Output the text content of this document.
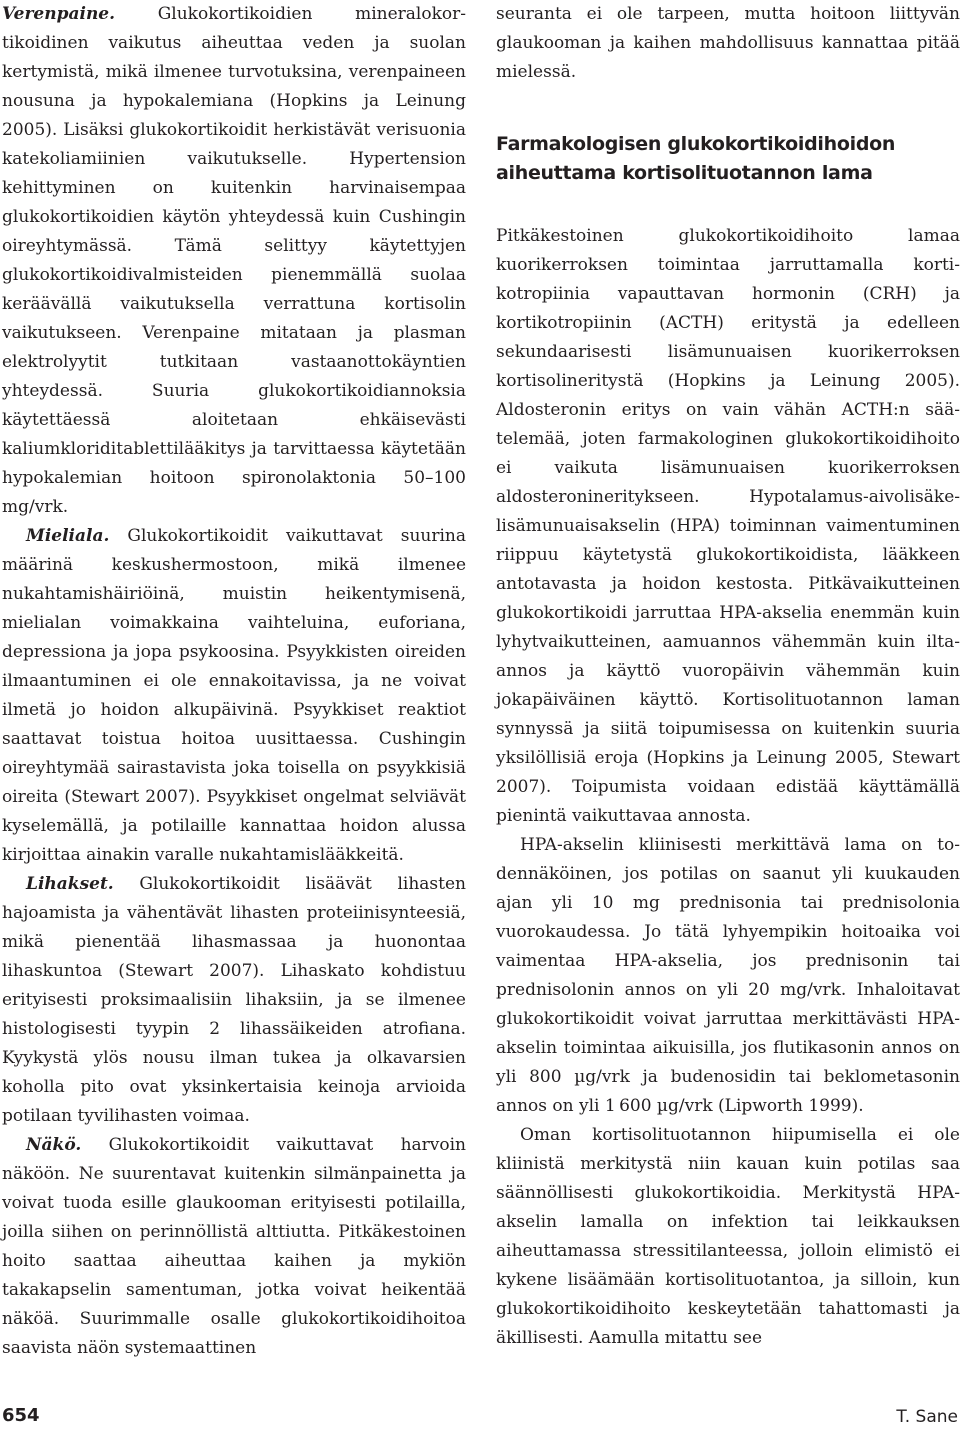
Verenpaine. Glukokortikoidien mineralokortikoidinen vaikutus aiheuttaa veden ja suolan kertymistä, mikä ilmenee turvotuksina, verenpaineen nousuna ja hypokalemiana (Hopkins ja Leinung 2005). Lisäksi glukokortikoidit herkistävät verisuonia katekoliamiinien vaikutukselle. Hypertension kehittyminen on kuitenkin harvinaisempaa glukokortikoidien käytön yhteydessä kuin Cushingin oireyhtymässä. Tämä selittyy käytettyjen glukokortikoidivalmisteiden pienemmällä suolaa keräävällä vaikutuksella verrattuna kortisolin vaikutukseen. Verenpaine mitataan ja plasman elektrolyytit tutkitaan vastaanottokäyntien yhteydessä. Suuria glukokortikoidiannoksia käytettäessä aloitetaan ehkäisevästi kaliumkloriditablettilääkitys ja tarvittaessa käytetään hypokalemian hoitoon spironolaktonia 50–100 mg/vrk.

Mieliala. Glukokortikoidit vaikuttavat suurina määrinä keskushermostoon, mikä ilmenee nukahtamishäiriöinä, muistin heikentymisenä, mielialan voimakkaina vaihteluina, euforiana, depressiona ja jopa psykoosina. Psyykkisten oireiden ilmaantuminen ei ole ennakoitavissa, ja ne voivat ilmetä jo hoidon alkupäivinä. Psyykkiset reaktiot saattavat toistua hoitoa uusittaessa. Cushingin oireyhtymää sairastavista joka toisella on psyykkisiä oireita (Stewart 2007). Psyykkiset ongelmat selviävät kyselemällä, ja potilaille kannattaa hoidon alussa kirjoittaa ainakin varalle nukahtamislääkkeitä.

Lihakset. Glukokortikoidit lisäävät lihasten hajoamista ja vähentävät lihasten proteiinisynteesiä, mikä pienentää lihasmassaa ja huonontaa lihaskuntoa (Stewart 2007). Lihaskato kohdistuu erityisesti proksimaalisiin lihaksiin, ja se ilmenee histologisesti tyypin 2 lihassäikeiden atrofiana. Kyykystä ylös nousu ilman tukea ja olkavarsien koholla pito ovat yksinkertaisia keinoja arvioida potilaan tyvilihasten voimaa.

Näkö. Glukokortikoidit vaikuttavat harvoin näköön. Ne suurentavat kuitenkin silmänpainetta ja voivat tuoda esille glaukooman erityisesti potilailla, joilla siihen on perinnöllistä alttiutta. Pitkäkestoinen hoito saattaa aiheuttaa kaihen ja mykiön takakapselin samentuman, jotka voivat heikentää näköä. Suurimmalle osalle glukokortikoidihoitoa saavista näön systemaattinen

seuranta ei ole tarpeen, mutta hoitoon liittyvän glaukooman ja kaihen mahdollisuus kannattaa pitää mielessä.

Farmakologisen glukokortikoidihoidon aiheuttama kortisolituotannon lama

Pitkäkestoinen glukokortikoidihoito lamaa kuorikerroksen toimintaa jarruttamalla kortikotropiinia vapauttavan hormonin (CRH) ja kortikotropiinin (ACTH) eritystä ja edelleen sekundaarisesti lisämunuaisen kuorikerroksen kortisolineritystä (Hopkins ja Leinung 2005). Aldosteronin eritys on vain vähän ACTH:n säätelemää, joten farmakologinen glukokortikoidihoito ei vaikuta lisämunuaisen kuorikerroksen aldosteronineritykseen. Hypotalamus-aivolisäke-lisämunuaisakselin (HPA) toiminnan vaimentuminen riippuu käytetystä glukokortikoidista, lääkkeen antotavasta ja hoidon kestosta. Pitkävaikutteinen glukokortikoidi jarruttaa HPA-akselia enemmän kuin lyhytvaikutteinen, aamuannos vähemmän kuin ilta-annos ja käyttö vuoropäivin vähemmän kuin jokapäiväinen käyttö. Kortisolituotannon laman synnyssä ja siitä toipumisessa on kuitenkin suuria yksilöllisiä eroja (Hopkins ja Leinung 2005, Stewart 2007). Toipumista voidaan edistää käyttämällä pienintä vaikuttavaa annosta.

HPA-akselin kliinisesti merkittävä lama on todennäköinen, jos potilas on saanut yli kuukauden ajan yli 10 mg prednisonia tai prednisolonia vuorokaudessa. Jo tätä lyhyempikin hoitoaika voi vaimentaa HPA-akselia, jos prednisonin tai prednisolonin annos on yli 20 mg/vrk. Inhaloitavat glukokortikoidit voivat jarruttaa merkittävästi HPA-akselin toimintaa aikuisilla, jos flutikasonin annos on yli 800 µg/vrk ja budenosidin tai beklometasonin annos on yli 1 600 µg/vrk (Lipworth 1999).

Oman kortisolituotannon hiipumisella ei ole kliinistä merkitystä niin kauan kuin potilas saa säännöllisesti glukokortikoidia. Merkitystä HPA-akselin lamalla on infektion tai leikkauksen aiheuttamassa stressitilanteessa, jolloin elimistö ei kykene lisäämään kortisolituotantoa, ja silloin, kun glukokortikoidihoito keskeytetään tahattomasti ja äkillisesti. Aamulla mitattu see

654	T. Sane
